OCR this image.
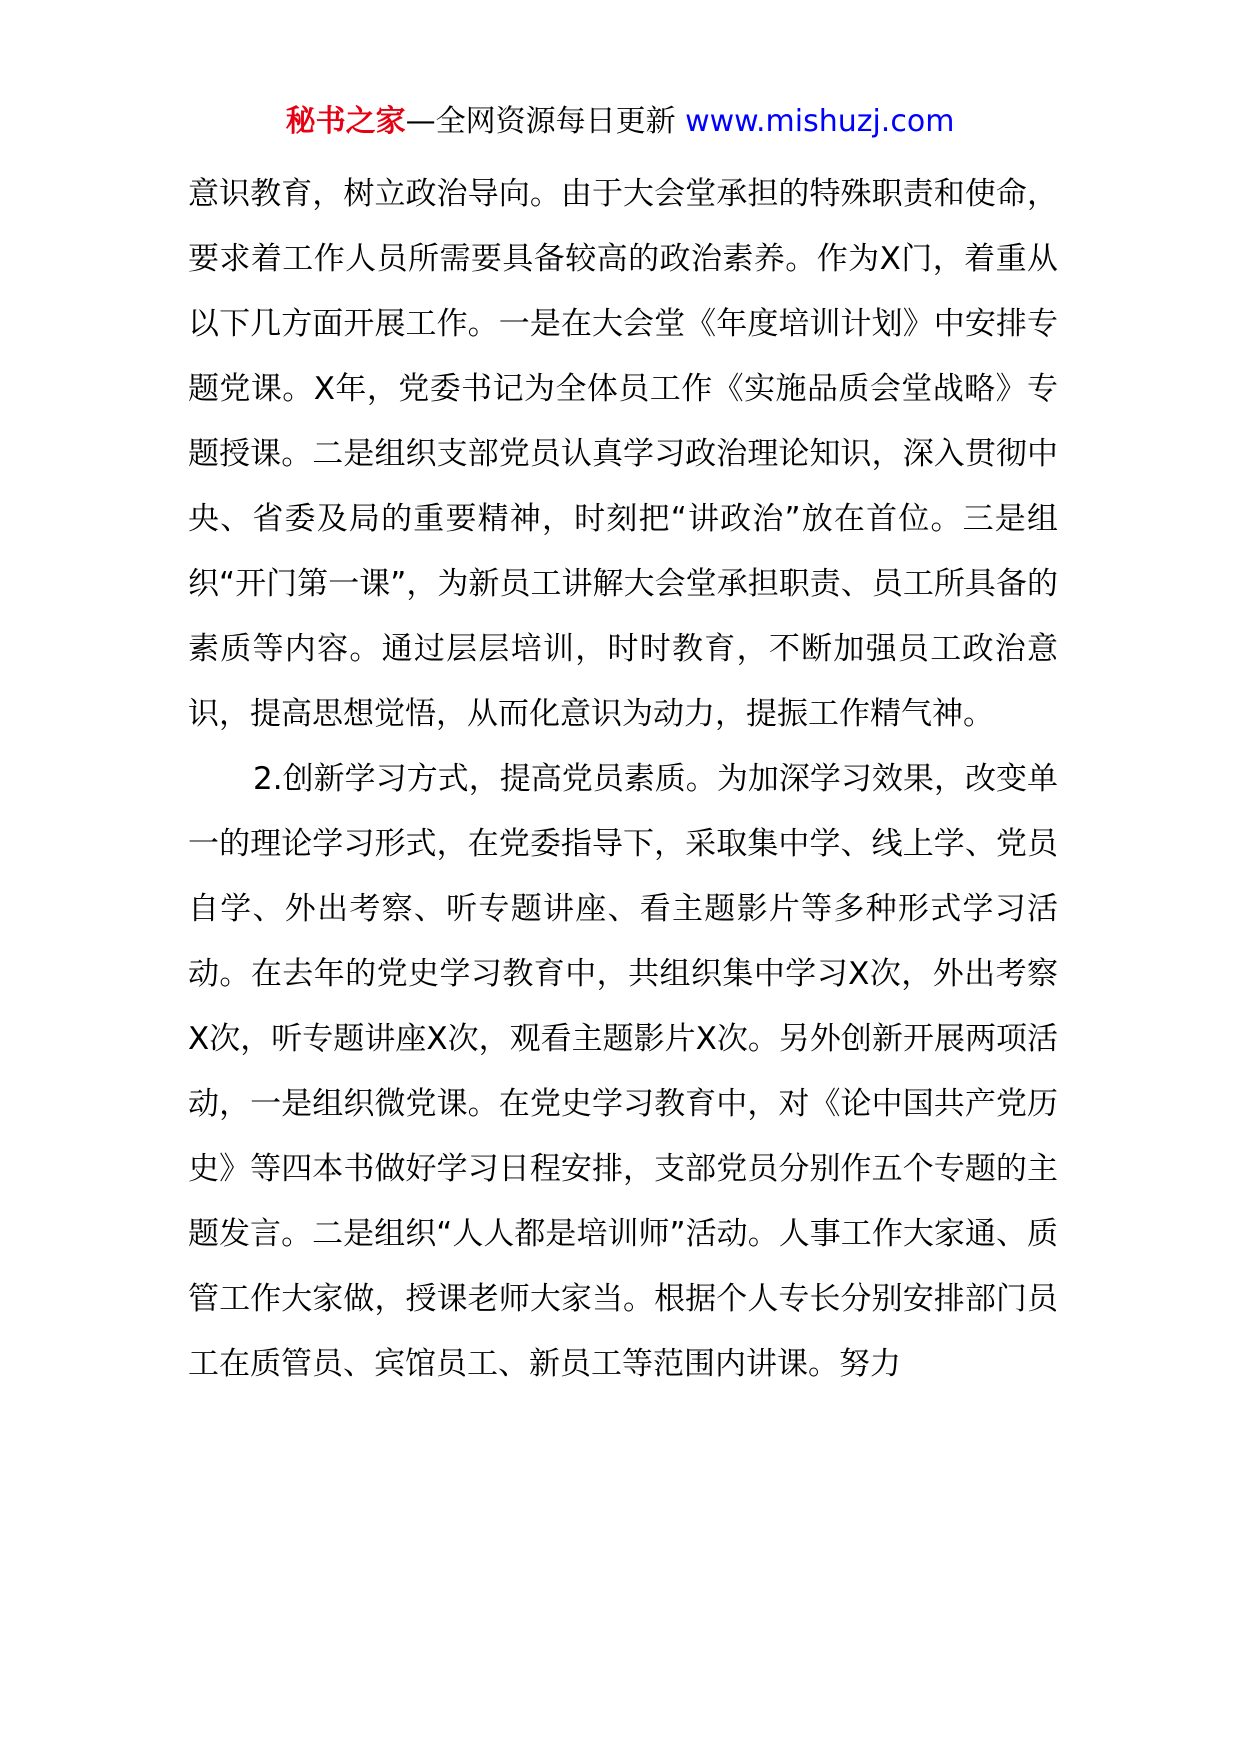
秘书之家—全网资源每日更新 www.mishuzj.com

意识教育，树立政治导向。由于大会堂承担的特殊职责和使命，要求着工作人员所需要具备较高的政治素养。作为X门，着重从以下几方面开展工作。一是在大会堂《年度培训计划》中安排专题党课。X年，党委书记为全体员工作《实施品质会堂战略》专题授课。二是组织支部党员认真学习政治理论知识，深入贯彻中央、省委及局的重要精神，时刻把“讲政治”放在首位。三是组织“开门第一课”，为新员工讲解大会堂承担职责、员工所具备的素质等内容。通过层层培训，时时教育，不断加强员工政治意识，提高思想觉悟，从而化意识为动力，提振工作精气神。

2.创新学习方式，提高党员素质。为加深学习效果，改变单一的理论学习形式，在党委指导下，采取集中学、线上学、党员自学、外出考察、听专题讲座、看主题影片等多种形式学习活动。在去年的党史学习教育中，共组织集中学习X次，外出考察X次，听专题讲座X次，观看主题影片X次。另外创新开展两项活动，一是组织微党课。在党史学习教育中，对《论中国共产党历史》等四本书做好学习日程安排，支部党员分别作五个专题的主题发言。二是组织“人人都是培训师”活动。人事工作大家通、质管工作大家做，授课老师大家当。根据个人专长分别安排部门员工在质管员、宾馆员工、新员工等范围内讲课。努力
